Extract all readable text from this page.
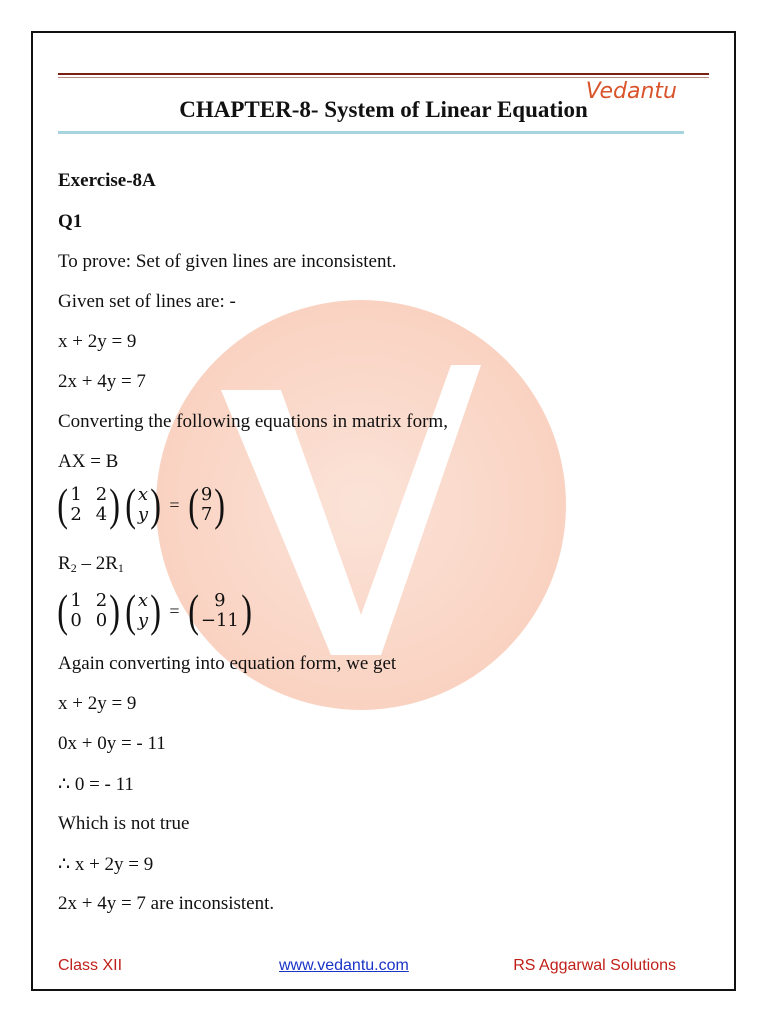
Vedantu
CHAPTER-8- System of Linear Equation
Exercise-8A
Q1
To prove: Set of given lines are inconsistent.
Given set of lines are: -
x + 2y = 9
2x + 4y = 7
Converting the following equations in matrix form,
AX = B
( 1 2
2 4 ) ( x
y ) = ( 9
7 )
$R_2 - 2R_1$
( 1 2
0 0 ) ( x
y ) = ( 9
−11 )
Again converting into equation form, we get
x + 2y = 9
0x + 0y = - 11
∴ 0 = - 11
Which is not true
∴ x + 2y = 9
2x + 4y = 7 are inconsistent.
Class XII	www.vedantu.com	RS Aggarwal Solutions
